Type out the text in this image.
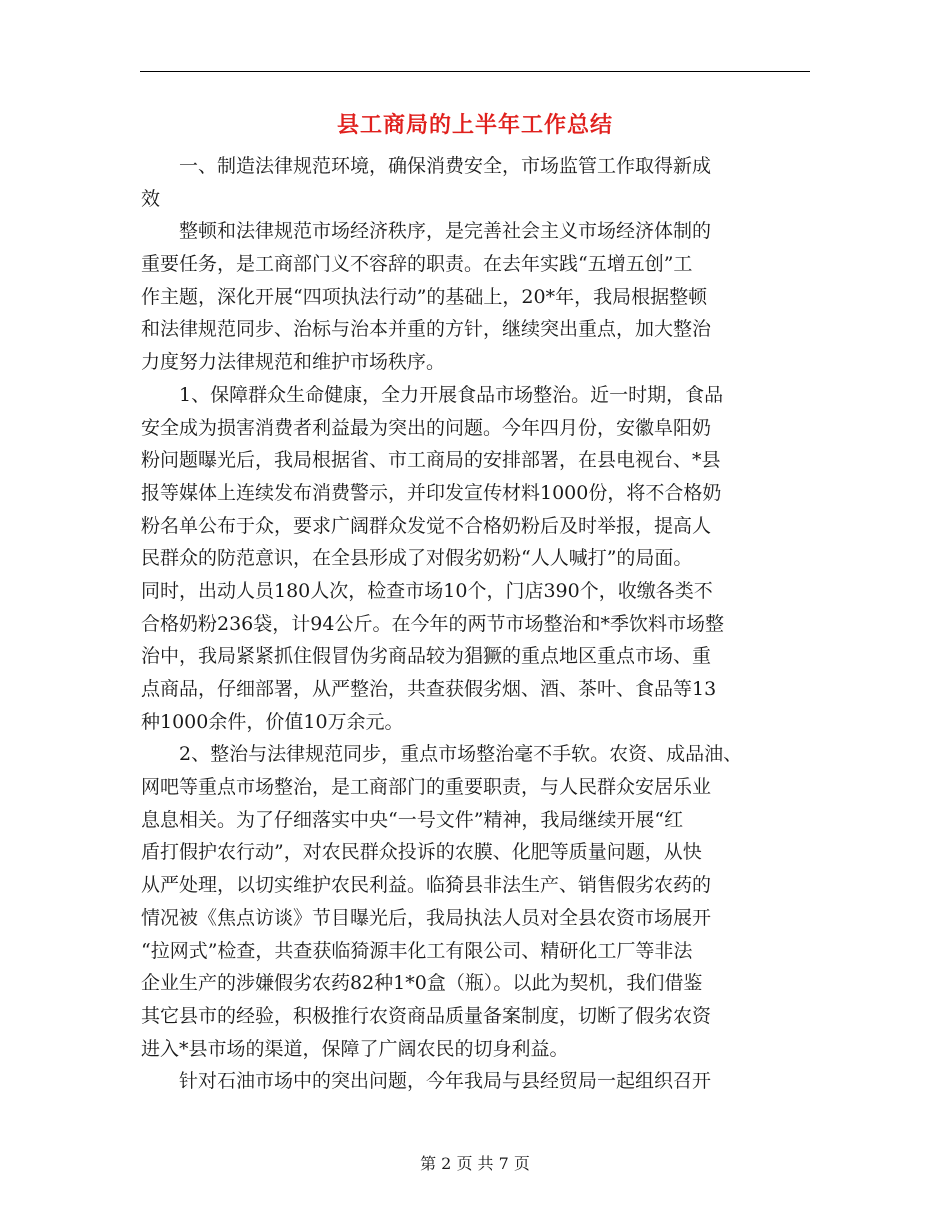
县工商局的上半年工作总结
　　一、制造法律规范环境，确保消费安全，市场监管工作取得新成
效
　　整顿和法律规范市场经济秩序，是完善社会主义市场经济体制的
重要任务，是工商部门义不容辞的职责。在去年实践“五增五创”工
作主题，深化开展“四项执法行动”的基础上，20*年，我局根据整顿
和法律规范同步、治标与治本并重的方针，继续突出重点，加大整治
力度努力法律规范和维护市场秩序。
　　1、保障群众生命健康，全力开展食品市场整治。近一时期，食品
安全成为损害消费者利益最为突出的问题。今年四月份，安徽阜阳奶
粉问题曝光后，我局根据省、市工商局的安排部署，在县电视台、*县
报等媒体上连续发布消费警示，并印发宣传材料1000份，将不合格奶
粉名单公布于众，要求广阔群众发觉不合格奶粉后及时举报，提高人
民群众的防范意识，在全县形成了对假劣奶粉“人人喊打”的局面。
同时，出动人员180人次，检查市场10个，门店390个，收缴各类不
合格奶粉236袋，计94公斤。在今年的两节市场整治和*季饮料市场整
治中，我局紧紧抓住假冒伪劣商品较为猖獗的重点地区重点市场、重
点商品，仔细部署，从严整治，共查获假劣烟、酒、茶叶、食品等13
种1000余件，价值10万余元。
　　2、整治与法律规范同步，重点市场整治毫不手软。农资、成品油、
网吧等重点市场整治，是工商部门的重要职责，与人民群众安居乐业
息息相关。为了仔细落实中央“一号文件”精神，我局继续开展“红
盾打假护农行动”，对农民群众投诉的农膜、化肥等质量问题，从快
从严处理，以切实维护农民利益。临猗县非法生产、销售假劣农药的
情况被《焦点访谈》节目曝光后，我局执法人员对全县农资市场展开
“拉网式”检查，共查获临猗源丰化工有限公司、精研化工厂等非法
企业生产的涉嫌假劣农药82种1*0盒（瓶）。以此为契机，我们借鉴
其它县市的经验，积极推行农资商品质量备案制度，切断了假劣农资
进入*县市场的渠道，保障了广阔农民的切身利益。
　　针对石油市场中的突出问题，今年我局与县经贸局一起组织召开
第 2 页 共 7 页
